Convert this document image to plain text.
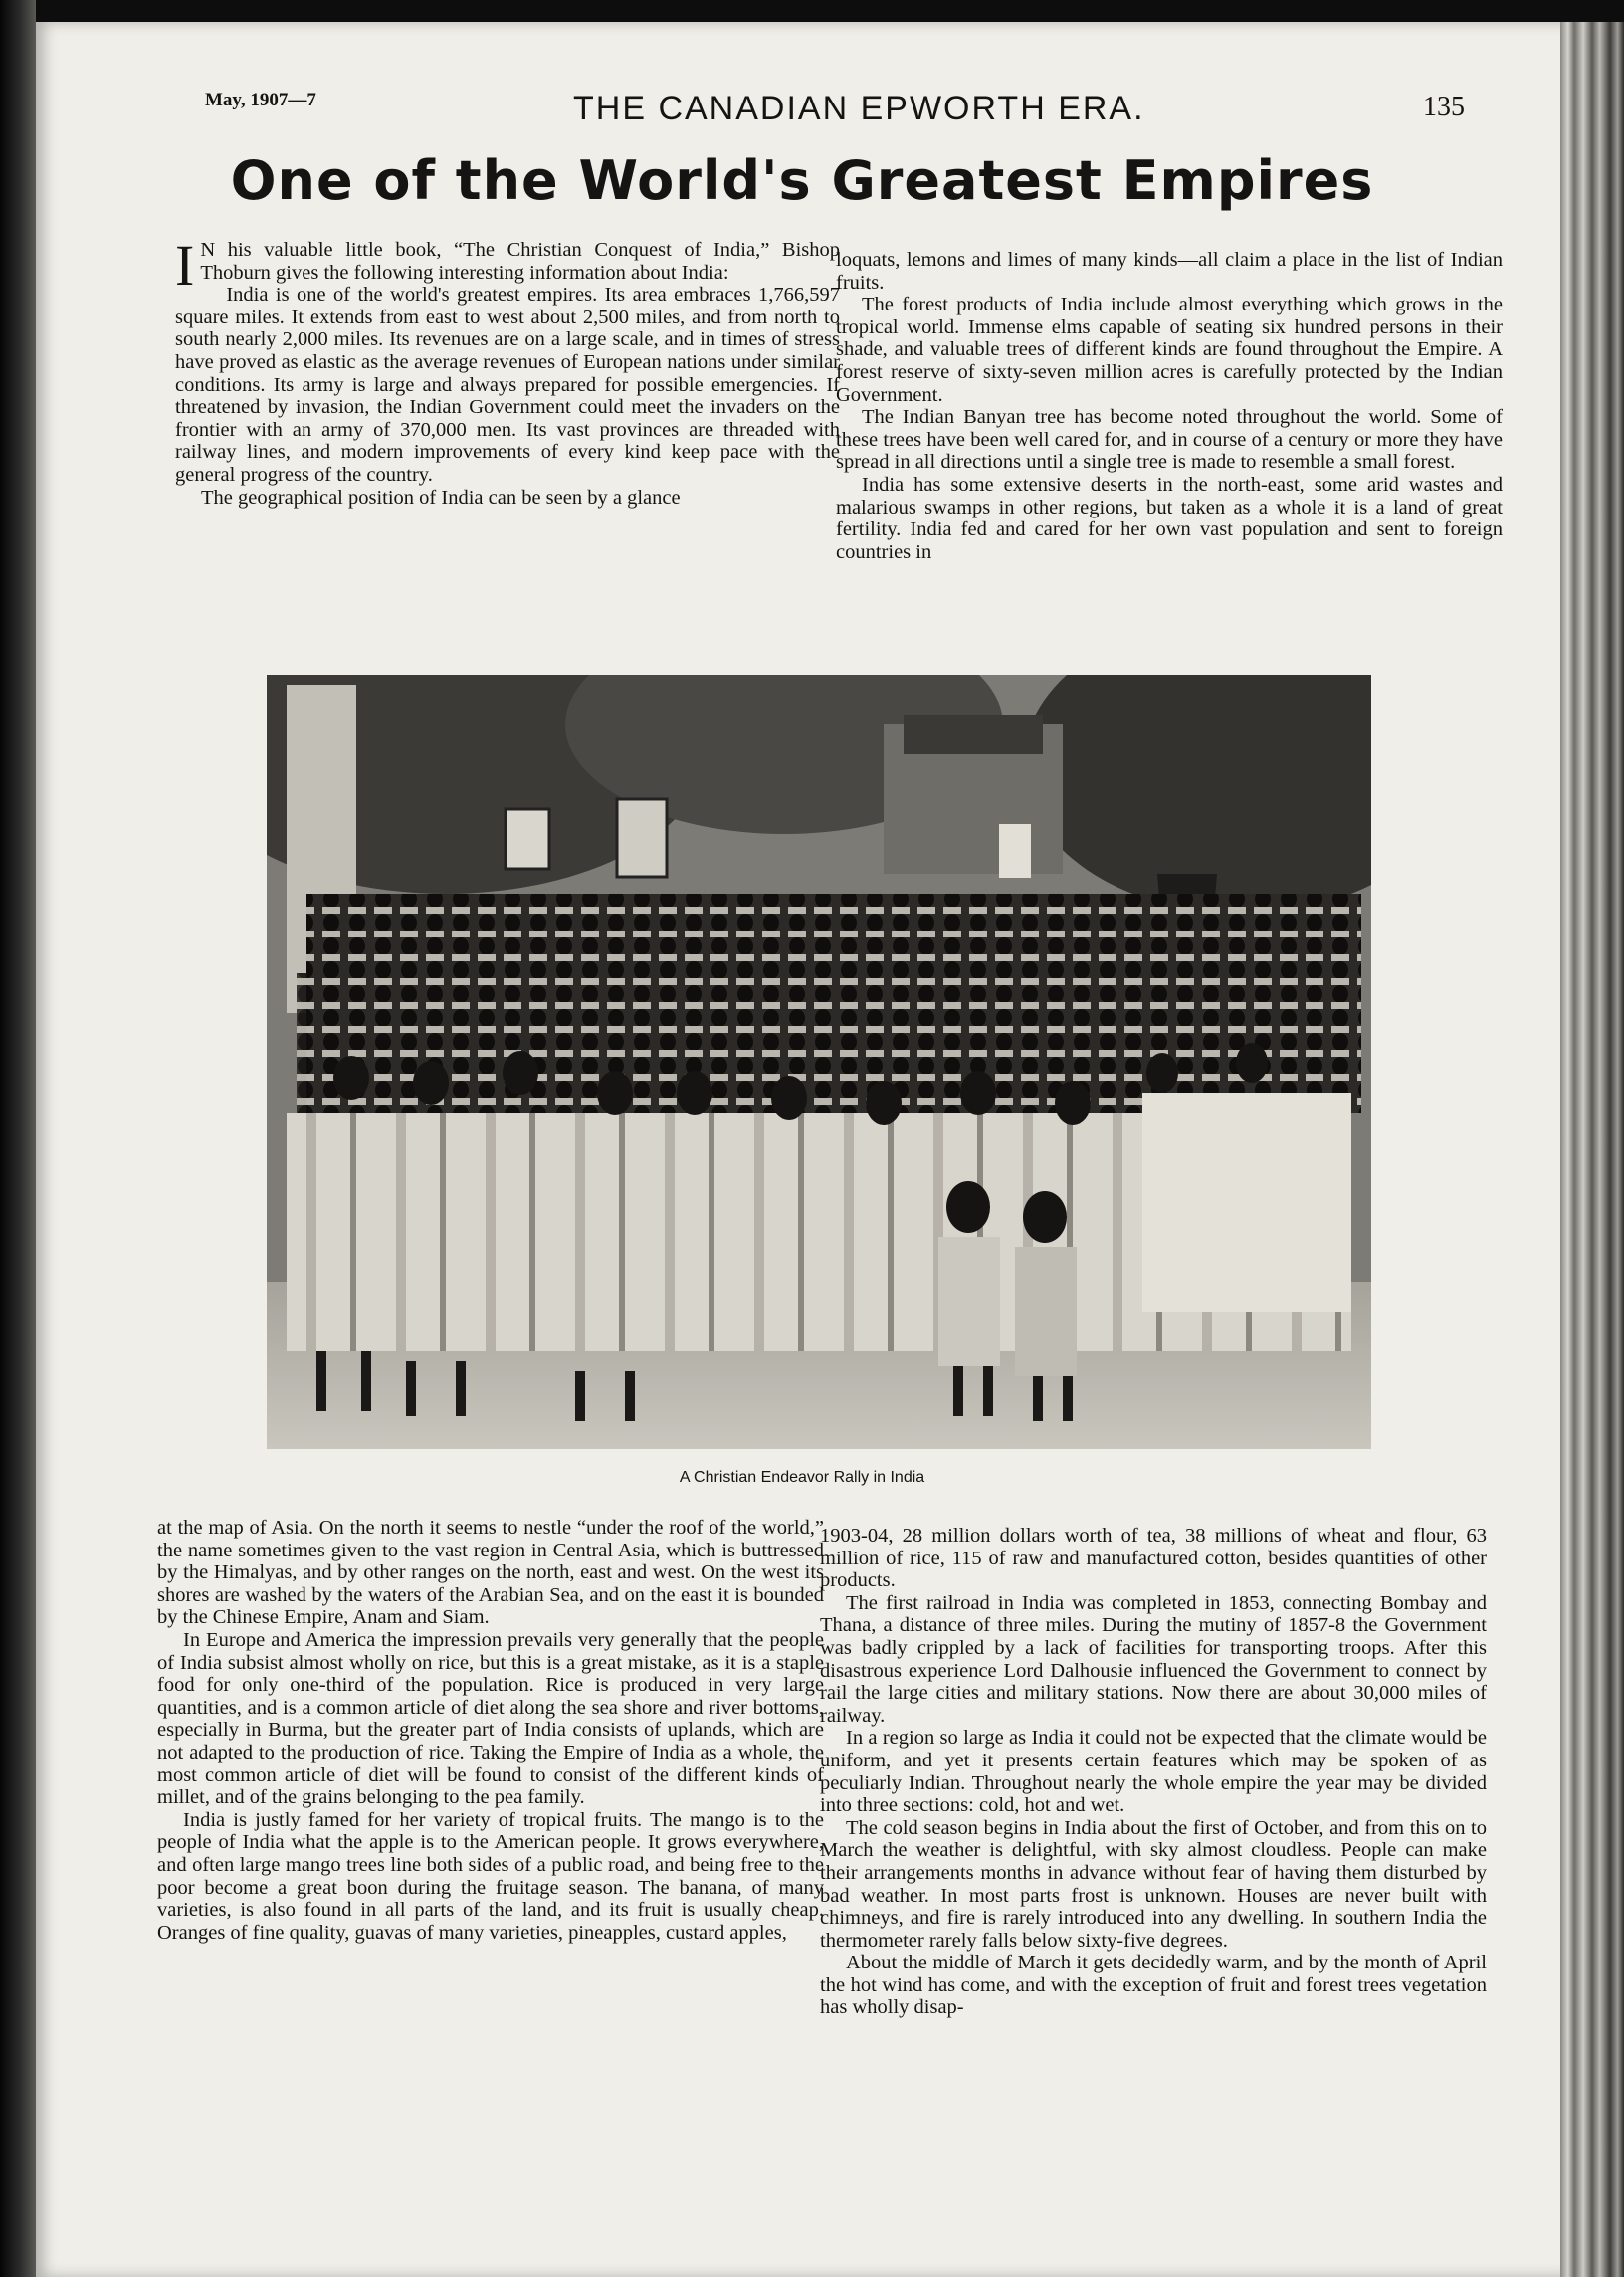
May, 1907—7	THE CANADIAN EPWORTH ERA.	135
One of the World's Greatest Empires

I N his valuable little book, “The Christian Conquest of India,” Bishop Thoburn gives the following interesting information about India:

India is one of the world's greatest empires. Its area embraces 1,766,597 square miles. It extends from east to west about 2,500 miles, and from north to south nearly 2,000 miles. Its revenues are on a large scale, and in times of stress have proved as elastic as the average revenues of European nations under similar conditions. Its army is large and always prepared for possible emergencies. If threatened by invasion, the Indian Government could meet the invaders on the frontier with an army of 370,000 men. Its vast provinces are threaded with railway lines, and modern improvements of every kind keep pace with the general progress of the country.

The geographical position of India can be seen by a glance

loquats, lemons and limes of many kinds—all claim a place in the list of Indian fruits.

The forest products of India include almost everything which grows in the tropical world. Immense elms capable of seating six hundred persons in their shade, and valuable trees of different kinds are found throughout the Empire. A forest reserve of sixty-seven million acres is carefully protected by the Indian Government.

The Indian Banyan tree has become noted throughout the world. Some of these trees have been well cared for, and in course of a century or more they have spread in all directions until a single tree is made to resemble a small forest.

India has some extensive deserts in the north-east, some arid wastes and malarious swamps in other regions, but taken as a whole it is a land of great fertility. India fed and cared for her own vast population and sent to foreign countries in

A Christian Endeavor Rally in India

at the map of Asia. On the north it seems to nestle “under the roof of the world,” the name sometimes given to the vast region in Central Asia, which is buttressed by the Himalyas, and by other ranges on the north, east and west. On the west its shores are washed by the waters of the Arabian Sea, and on the east it is bounded by the Chinese Empire, Anam and Siam.

In Europe and America the impression prevails very generally that the people of India subsist almost wholly on rice, but this is a great mistake, as it is a staple food for only one-third of the population. Rice is produced in very large quantities, and is a common article of diet along the sea shore and river bottoms, especially in Burma, but the greater part of India consists of uplands, which are not adapted to the production of rice. Taking the Empire of India as a whole, the most common article of diet will be found to consist of the different kinds of millet, and of the grains belonging to the pea family.

India is justly famed for her variety of tropical fruits. The mango is to the people of India what the apple is to the American people. It grows everywhere, and often large mango trees line both sides of a public road, and being free to the poor become a great boon during the fruitage season. The banana, of many varieties, is also found in all parts of the land, and its fruit is usually cheap. Oranges of fine quality, guavas of many varieties, pineapples, custard apples,

1903-04, 28 million dollars worth of tea, 38 millions of wheat and flour, 63 million of rice, 115 of raw and manufactured cotton, besides quantities of other products.

The first railroad in India was completed in 1853, connecting Bombay and Thana, a distance of three miles. During the mutiny of 1857-8 the Government was badly crippled by a lack of facilities for transporting troops. After this disastrous experience Lord Dalhousie influenced the Government to connect by rail the large cities and military stations. Now there are about 30,000 miles of railway.

In a region so large as India it could not be expected that the climate would be uniform, and yet it presents certain features which may be spoken of as peculiarly Indian. Throughout nearly the whole empire the year may be divided into three sections: cold, hot and wet.

The cold season begins in India about the first of October, and from this on to March the weather is delightful, with sky almost cloudless. People can make their arrangements months in advance without fear of having them disturbed by bad weather. In most parts frost is unknown. Houses are never built with chimneys, and fire is rarely introduced into any dwelling. In southern India the thermometer rarely falls below sixty-five degrees.

About the middle of March it gets decidedly warm, and by the month of April the hot wind has come, and with the exception of fruit and forest trees vegetation has wholly disap-
